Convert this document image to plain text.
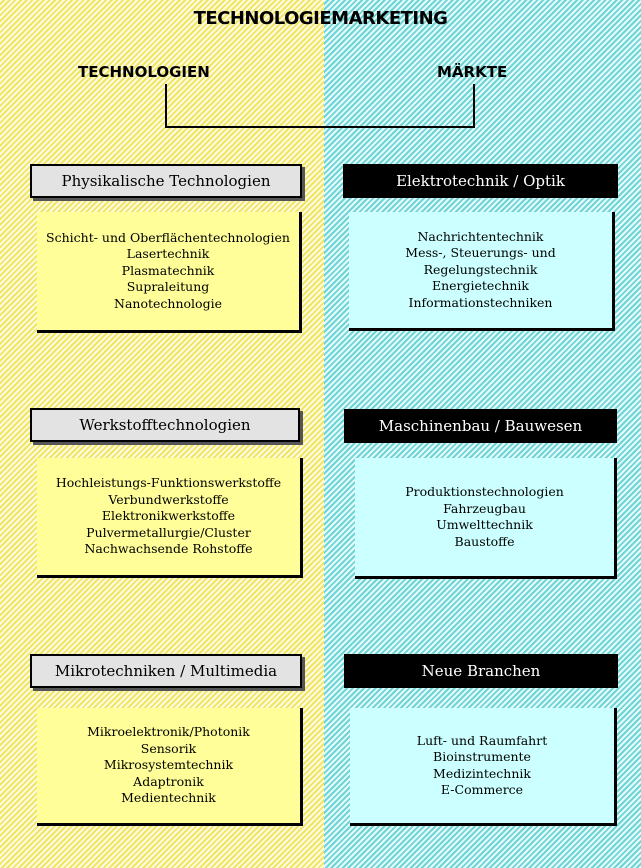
TECHNOLOGIEMARKETING
TECHNOLOGIEN	MÄRKTE
Physikalische Technologien
Schicht- und Oberflächentechnologien
Lasertechnik
Plasmatechnik
Supraleitung
Nanotechnologie
Werkstofftechnologien
Hochleistungs-Funktionswerkstoffe
Verbundwerkstoffe
Elektronikwerkstoffe
Pulvermetallurgie/Cluster
Nachwachsende Rohstoffe
Mikrotechniken / Multimedia
Mikroelektronik/Photonik
Sensorik
Mikrosystemtechnik
Adaptronik
Medientechnik
Elektrotechnik / Optik
Nachrichtentechnik
Mess-, Steuerungs- und Regelungstechnik
Energietechnik
Informationstechniken
Maschinenbau / Bauwesen
Produktionstechnologien
Fahrzeugbau
Umwelttechnik
Baustoffe
Neue Branchen
Luft- und Raumfahrt
Bioinstrumente
Medizintechnik
E-Commerce
